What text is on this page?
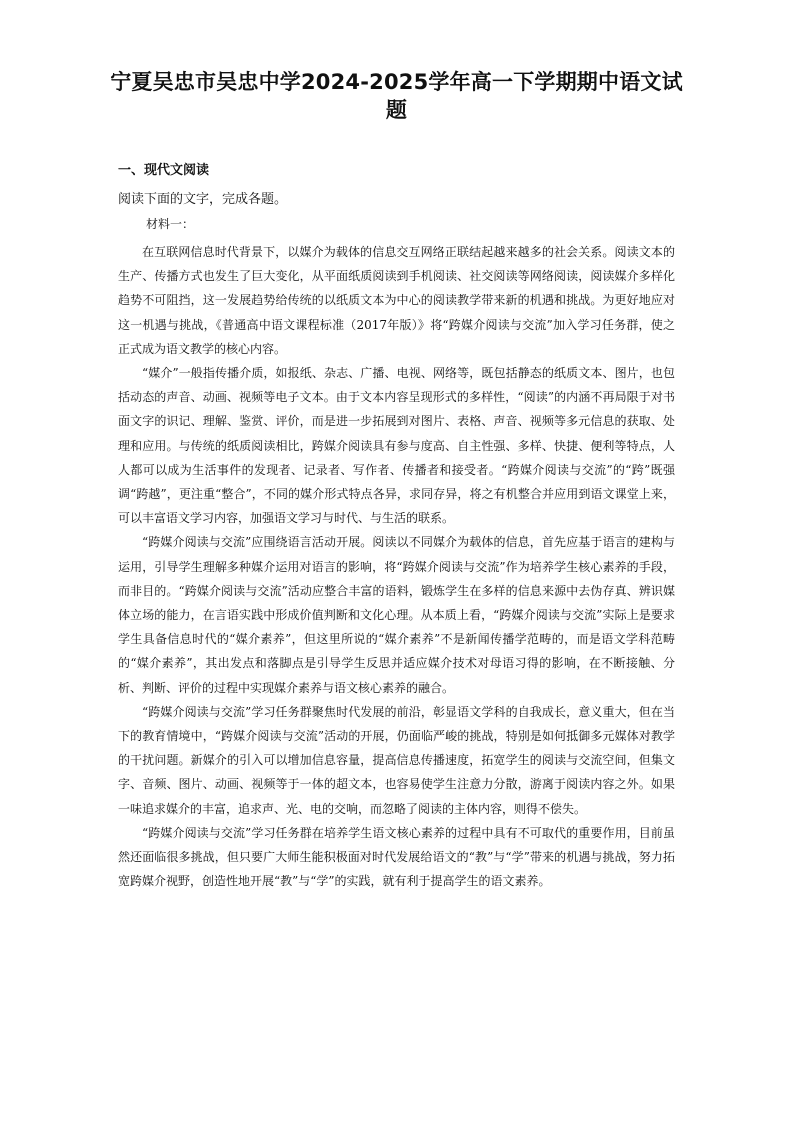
宁夏吴忠市吴忠中学2024-2025学年高一下学期期中语文试题
一、现代文阅读
阅读下面的文字，完成各题。
材料一：

在互联网信息时代背景下，以媒介为载体的信息交互网络正联结起越来越多的社会关系。阅读文本的生产、传播方式也发生了巨大变化，从平面纸质阅读到手机阅读、社交阅读等网络阅读，阅读媒介多样化趋势不可阻挡，这一发展趋势给传统的以纸质文本为中心的阅读教学带来新的机遇和挑战。为更好地应对这一机遇与挑战，《普通高中语文课程标准（2017年版）》将“跨媒介阅读与交流”加入学习任务群，使之正式成为语文教学的核心内容。

“媒介”一般指传播介质，如报纸、杂志、广播、电视、网络等，既包括静态的纸质文本、图片，也包括动态的声音、动画、视频等电子文本。由于文本内容呈现形式的多样性，“阅读”的内涵不再局限于对书面文字的识记、理解、鉴赏、评价，而是进一步拓展到对图片、表格、声音、视频等多元信息的获取、处理和应用。与传统的纸质阅读相比，跨媒介阅读具有参与度高、自主性强、多样、快捷、便利等特点，人人都可以成为生活事件的发现者、记录者、写作者、传播者和接受者。“跨媒介阅读与交流”的“跨”既强调“跨越”，更注重“整合”，不同的媒介形式特点各异，求同存异，将之有机整合并应用到语文课堂上来，可以丰富语文学习内容，加强语文学习与时代、与生活的联系。

“跨媒介阅读与交流”应围绕语言活动开展。阅读以不同媒介为载体的信息，首先应基于语言的建构与运用，引导学生理解多种媒介运用对语言的影响，将“跨媒介阅读与交流”作为培养学生核心素养的手段，而非目的。“跨媒介阅读与交流”活动应整合丰富的语料，锻炼学生在多样的信息来源中去伪存真、辨识媒体立场的能力，在言语实践中形成价值判断和文化心理。从本质上看，“跨媒介阅读与交流”实际上是要求学生具备信息时代的“媒介素养”，但这里所说的“媒介素养”不是新闻传播学范畴的，而是语文学科范畴的“媒介素养”，其出发点和落脚点是引导学生反思并适应媒介技术对母语习得的影响，在不断接触、分析、判断、评价的过程中实现媒介素养与语文核心素养的融合。

“跨媒介阅读与交流”学习任务群聚焦时代发展的前沿，彰显语文学科的自我成长，意义重大，但在当下的教育情境中，“跨媒介阅读与交流”活动的开展，仍面临严峻的挑战，特别是如何抵御多元媒体对教学的干扰问题。新媒介的引入可以增加信息容量，提高信息传播速度，拓宽学生的阅读与交流空间，但集文字、音频、图片、动画、视频等于一体的超文本，也容易使学生注意力分散，游离于阅读内容之外。如果一味追求媒介的丰富，追求声、光、电的交响，而忽略了阅读的主体内容，则得不偿失。

“跨媒介阅读与交流”学习任务群在培养学生语文核心素养的过程中具有不可取代的重要作用，目前虽然还面临很多挑战，但只要广大师生能积极面对时代发展给语文的“教”与“学”带来的机遇与挑战，努力拓宽跨媒介视野，创造性地开展“教”与“学”的实践，就有利于提高学生的语文素养。
